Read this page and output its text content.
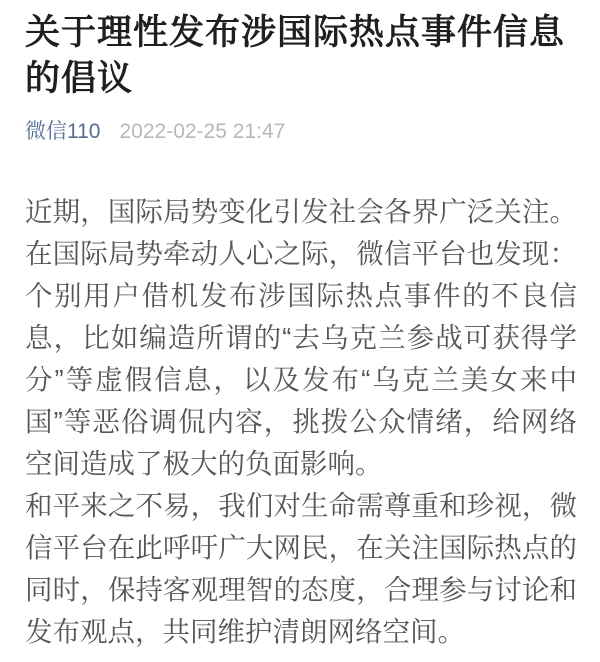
关于理性发布涉国际热点事件信息的倡议
微信110 2022-02-25 21:47

近期，国际局势变化引发社会各界广泛关注。在国际局势牵动人心之际，微信平台也发现：个别用户借机发布涉国际热点事件的不良信息，比如编造所谓的“去乌克兰参战可获得学分”等虚假信息，以及发布“乌克兰美女来中国”等恶俗调侃内容，挑拨公众情绪，给网络空间造成了极大的负面影响。

和平来之不易，我们对生命需尊重和珍视，微信平台在此呼吁广大网民，在关注国际热点的同时，保持客观理智的态度，合理参与讨论和发布观点，共同维护清朗网络空间。
